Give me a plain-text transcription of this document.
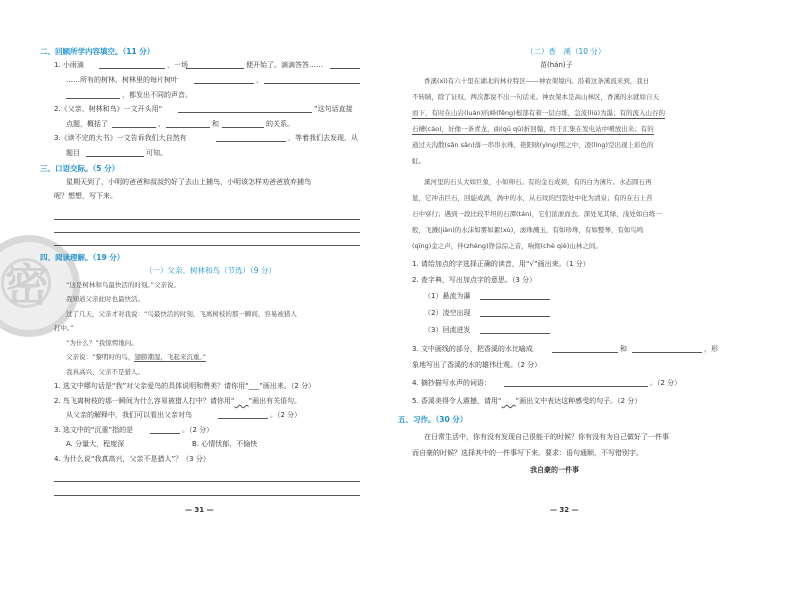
密
二、回顾所学内容填空。（11 分）
1. 小雨滴	，一场	便开始了。滴滴答答……
……所有的树林、树林里的每片树叶	，
，都发出不同的声音。
2.《父亲、树林和鸟》一文开头用“	”这句话直接
点题，概括了	、	和	的关系。
3.《读不完的大书》一文告诉我们大自然有	，等着我们去发现，从
题目	可知。
三、口语交际。（5 分）
星期天到了，小明的爸爸和叔叔约好了去山上捕鸟，小明该怎样劝爸爸放弃捕鸟
呢？想想，写下来。
四、阅读理解。（19 分）
（一）父亲、树林和鸟（节选）（9 分）
“这是树林和鸟最快活的时刻。”父亲说。
我知道父亲此时也最快活。
过了几天，父亲才对我说：“鸟最快活的时刻，飞离树枝的那一瞬间，容易被猎人
打中。”
“为什么？”我惊愕地问。
父亲说：“黎明时的鸟，翅膀潮湿，飞起来沉重。”
我真高兴，父亲不是猎人。
1. 选文中哪句话是“我”对父亲爱鸟的具体说明和赞美？请你用“___”画出来。（2 分）
2. 鸟飞离树枝的那一瞬间为什么容易被猎人打中？请你用“　　 ”画出有关语句。
从父亲的解释中，我们可以看出父亲对鸟	。（2 分）
3. 选文中的“沉重”指的是	。（2 分）
A. 分量大，程度深	B. 心情忧郁，不愉快
4. 为什么说“我真高兴，父亲不是猎人”？（3 分）
— 31 —
（二）香　溪（10 分）
苗(hán)子
香溪(xī)有六十里在湖北的林业特区——神农架境内。沿着这条溪流来到，我日
不转睛，除了证叹，两次都说不出一句话来。神农架本是高山林区，香溪的水就如自天
而下，有时在山岩(luán)的峰(fēng)根部有着一层白练，急流(liú)为瀑；有的流入山谷的
石槽(cáo)，好像一条青龙，曲(qū qū)折回翰，终于汇集在发电站中噴放出来；有的
通过天沟散(sǎn sǎn)落一串串水珠，艳阳映(yìng)照之中，凌(líng)空出现上彩色的
虹。
溪河里的石头大如巨象，小如卵石。有的金石成颈，有的白为薄片。水态圆石再
显，它冲击巨石，回旋成涡，涡中的水，从石纹的凹裂处中化为清泉；有的在石上苔
石中穿行；遇到一段比较平坦的石潭(tán)，它们浓滚而去。深处见其绿，浅处如白练一
般，飞溅(jiàn)的水沫如雾如絮(xù)，滚珠溅玉，有如珍珠，有如整琴，有如鸟鸣
(qīng)金之声，伴(zhèng)铮淙淙之音，响彻(chè qiè)山林之间。
1. 请给加点的字选择正确的读音，用“√”画出来。（1 分）
2. 查字典，写出加点字的意思。（3 分）
（1）悬流为瀑
（2）凌空出现
（3）回流迸发
3. 文中画线的部分，把香溪的水比喻成	和	，形
象地写出了香溪的水的雄伟壮观。（2 分）
4. 摘抄描写水声的词语：	。（2 分）
5. 香溪美得令人震撼，请用“　　 ”画出文中表达这种感受的句子。（2 分）
五、习作。（30 分）
在日常生活中，你有没有发现自己很能干的时候？你有没有为自己做好了一件事
而自豪的时候？选择其中的一件事写下来。要求：语句通顺，不写错别字。
我自豪的一件事
— 32 —
